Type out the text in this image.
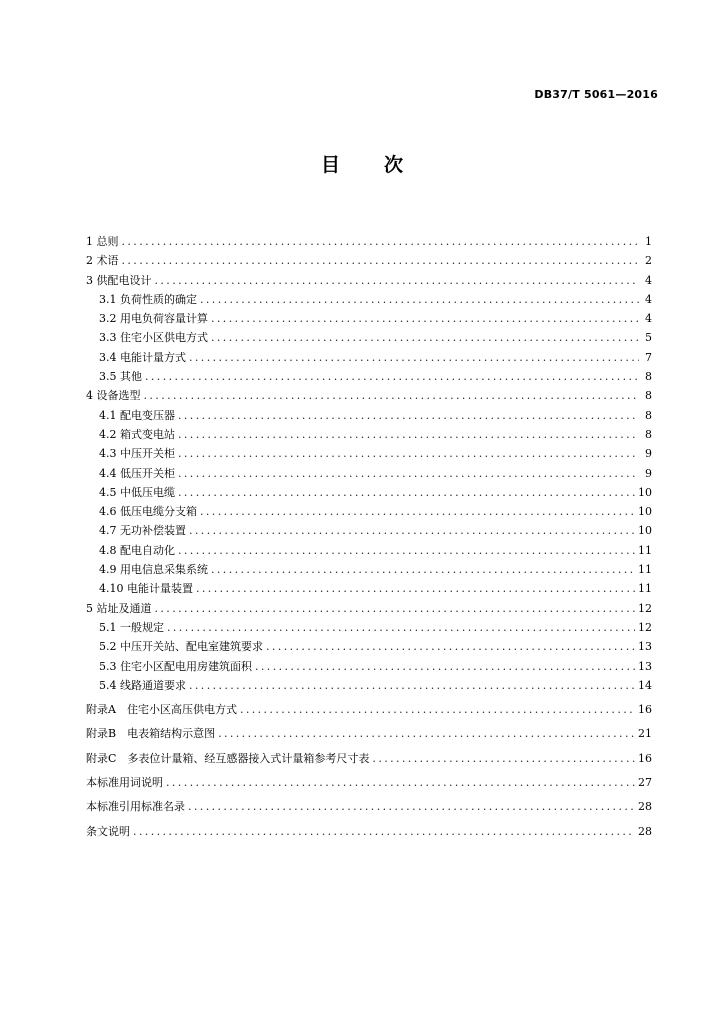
DB37/T 5061—2016
目 次
1 总则 .....	1
2 术语 .....	2
3 供配电设计 .....	4
3.1 负荷性质的确定 .....	4
3.2 用电负荷容量计算 .....	4
3.3 住宅小区供电方式 .....	5
3.4 电能计量方式 .....	7
3.5 其他 .....	8
4 设备选型 .....	8
4.1 配电变压器 .....	8
4.2 箱式变电站 .....	8
4.3 中压开关柜 .....	9
4.4 低压开关柜 .....	9
4.5 中低压电缆 .....	10
4.6 低压电缆分支箱 .....	10
4.7 无功补偿装置 .....	10
4.8 配电自动化 .....	11
4.9 用电信息采集系统 .....	11
4.10 电能计量装置 .....	11
5 站址及通道 .....	12
5.1 一般规定 .....	12
5.2 中压开关站、配电室建筑要求 .....	13
5.3 住宅小区配电用房建筑面积 .....	13
5.4 线路通道要求 .....	14
附录A　住宅小区高压供电方式 .....	16
附录B　电表箱结构示意图 .....	21
附录C　多表位计量箱、经互感器接入式计量箱参考尺寸表 .....	16
本标准用词说明 .....	27
本标准引用标准名录 .....	28
条文说明 .....	28
